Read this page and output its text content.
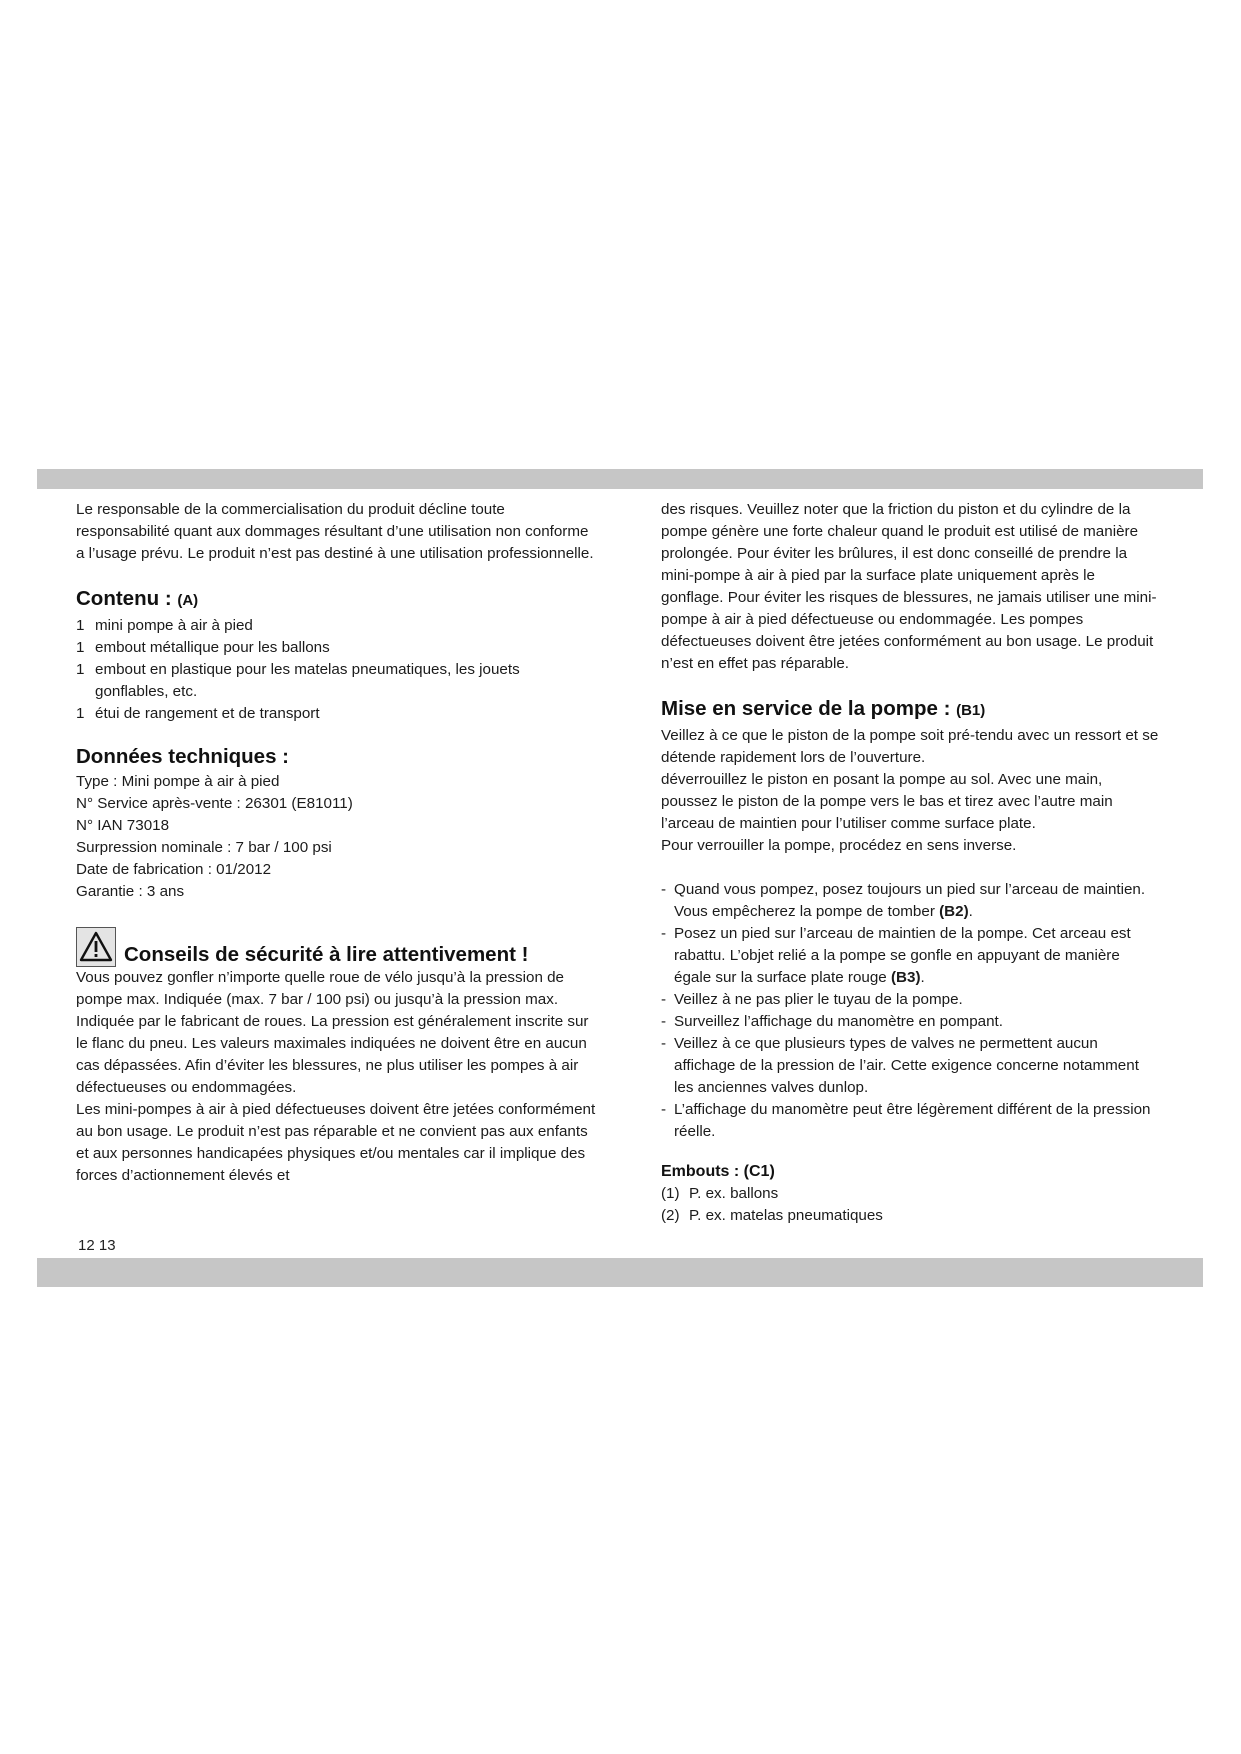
Le responsable de la commercialisation du produit décline toute responsabilité quant aux dommages résultant d’une utilisation non conforme a l’usage prévu. Le produit n’est pas destiné à une utilisation professionnelle.

Contenu : (A)
1 mini pompe à air à pied
1 embout métallique pour les ballons
1 embout en plastique pour les matelas pneumatiques, les jouets gonflables, etc.
1 étui de rangement et de transport
Données techniques :

Type : Mini pompe à air à pied

N° Service après-vente : 26301 (E81011)

N° IAN 73018

Surpression nominale : 7 bar / 100 psi

Date de fabrication : 01/2012

Garantie : 3 ans

Conseils de sécurité à lire attentivement !

Vous pouvez gonfler n’importe quelle roue de vélo jusqu’à la pression de pompe max. Indiquée (max. 7 bar / 100 psi) ou jusqu’à la pression max. Indiquée par le fabricant de roues. La pression est généralement inscrite sur le flanc du pneu. Les valeurs maximales indiquées ne doivent être en aucun cas dépassées. Afin d’éviter les blessures, ne plus utiliser les pompes à air défectueuses ou endommagées.

Les mini-pompes à air à pied défectueuses doivent être jetées conformément au bon usage. Le produit n’est pas réparable et ne convient pas aux enfants et aux personnes handicapées physiques et/ou mentales car il implique des forces d’actionnement élevés et

des risques. Veuillez noter que la friction du piston et du cylindre de la pompe génère une forte chaleur quand le produit est utilisé de manière prolongée. Pour éviter les brûlures, il est donc conseillé de prendre la mini-pompe à air à pied par la surface plate uniquement après le gonflage. Pour éviter les risques de blessures, ne jamais utiliser une mini-pompe à air à pied défectueuse ou endommagée. Les pompes défectueuses doivent être jetées conformément au bon usage. Le produit n’est en effet pas réparable.

Mise en service de la pompe : (B1)

Veillez à ce que le piston de la pompe soit pré-tendu avec un ressort et se détende rapidement lors de l’ouverture.

déverrouillez le piston en posant la pompe au sol. Avec une main, poussez le piston de la pompe vers le bas et tirez avec l’autre main l’arceau de maintien pour l’utiliser comme surface plate.

Pour verrouiller la pompe, procédez en sens inverse.

- Quand vous pompez, posez toujours un pied sur l’arceau de maintien. Vous empêcherez la pompe de tomber (B2).
- Posez un pied sur l’arceau de maintien de la pompe. Cet arceau est rabattu. L’objet relié a la pompe se gonfle en appuyant de manière égale sur la surface plate rouge (B3).
- Veillez à ne pas plier le tuyau de la pompe.
- Surveillez l’affichage du manomètre en pompant.
- Veillez à ce que plusieurs types de valves ne permettent aucun affichage de la pression de l’air. Cette exigence concerne notamment les anciennes valves dunlop.
- L’affichage du manomètre peut être légèrement différent de la pression réelle.
Embouts : (C1)
(1) P. ex. ballons
(2) P. ex. matelas pneumatiques
12 13
